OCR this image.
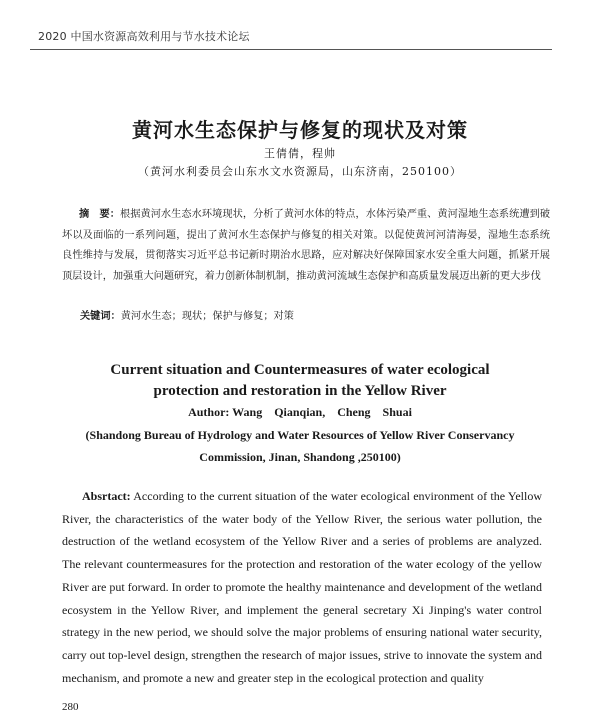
2020 中国水资源高效利用与节水技术论坛
黄河水生态保护与修复的现状及对策
王倩倩，程帅
（黄河水利委员会山东水文水资源局，山东济南，250100）
摘　要：根据黄河水生态水环境现状，分析了黄河水体的特点，水体污染严重、黄河湿地生态系统遭到破坏以及面临的一系列问题，提出了黄河水生态保护与修复的相关对策。以促使黄河河清海晏，湿地生态系统良性维持与发展，贯彻落实习近平总书记新时期治水思路，应对解决好保障国家水安全重大问题，抓紧开展顶层设计，加强重大问题研究，着力创新体制机制，推动黄河流域生态保护和高质量发展迈出新的更大步伐
关键词：黄河水生态；现状；保护与修复；对策
Current situation and Countermeasures of water ecological protection and restoration in the Yellow River
Author: Wang　Qianqian,　Cheng　Shuai
(Shandong Bureau of Hydrology and Water Resources of Yellow River Conservancy Commission, Jinan, Shandong ,250100)
Absrtact: According to the current situation of the water ecological environment of the Yellow River, the characteristics of the water body of the Yellow River, the serious water pollution, the destruction of the wetland ecosystem of the Yellow River and a series of problems are analyzed. The relevant countermeasures for the protection and restoration of the water ecology of the yellow River are put forward. In order to promote the healthy maintenance and development of the wetland ecosystem in the Yellow River, and implement the general secretary Xi Jinping's water control strategy in the new period, we should solve the major problems of ensuring national water security, carry out top-level design, strengthen the research of major issues, strive to innovate the system and mechanism, and promote a new and greater step in the ecological protection and quality
280
